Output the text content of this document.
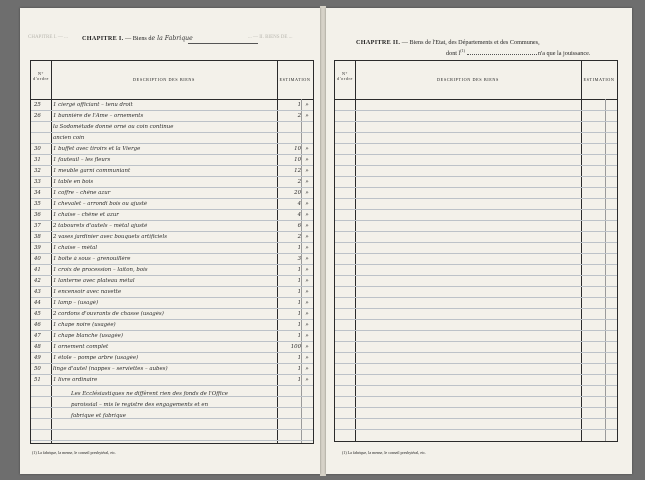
CHAPITRE I. — ...	... — II. BIENS DE ...
CHAPITRE I. — Biens de la Fabrique
N° d'ordre	DESCRIPTION DES BIENS	ESTIMATION
25	1 ciergé officiant – tenu droit	1 »
26	1 bannière de l'Ame – ornements	2 »
la Sodométade donné orné ou coin continue
ancien coin
30	1 buffet avec tiroirs et la Vierge	10 »
31	1 fauteuil – les fleurs	10 »
32	1 meuble garni communiant	12 »
33	1 table en bois	2 »
34	1 coffre – chêne azur	20 »
35	1 chevalet – arrondi bois ou ajusté	4 »
36	1 chaise – chêne et azur	4 »
37	2 tabourets d'autels – métal ajusté	6 »
38	2 vases jardinier avec bouquets artificiels	2 »
39	1 chaise – métal	1 »
40	1 boîte à sous – grenouillère	3 »
41	1 croix de procession – laiton, bois	1 »
42	1 lanterne avec plateau métal	1 »
43	1 encensoir avec navette	1 »
44	1 lamp – (usagé)	1 »
45	2 cordons d'ouvrants de chasse (usagés)	1 »
46	1 chape noire (usagée)	1 »
47	1 chape blanche (usagée)	1 »
48	1 ornement complet	100 »
49	1 étole – pompe arbre (usagée)	1 »
50	linge d'autel (nappes – serviettes – aubes)	1 »
51	1 livre ordinaire	1 »
Les Ecclésiastiques ne diffèrent rien des fonds de l'Office
paroissial – mis le registre des engagements et en
fabrique et fabrique
(1) La fabrique, la mense, le conseil presbytéral, etc.
CHAPITRE II. — Biens de l'Etat, des Départements et des Communes,
dont $l^{(1)}$	n'a que la jouissance.
N° d'ordre	DESCRIPTION DES BIENS	ESTIMATION
(1) La fabrique, la mense, le conseil presbytéral, etc.
